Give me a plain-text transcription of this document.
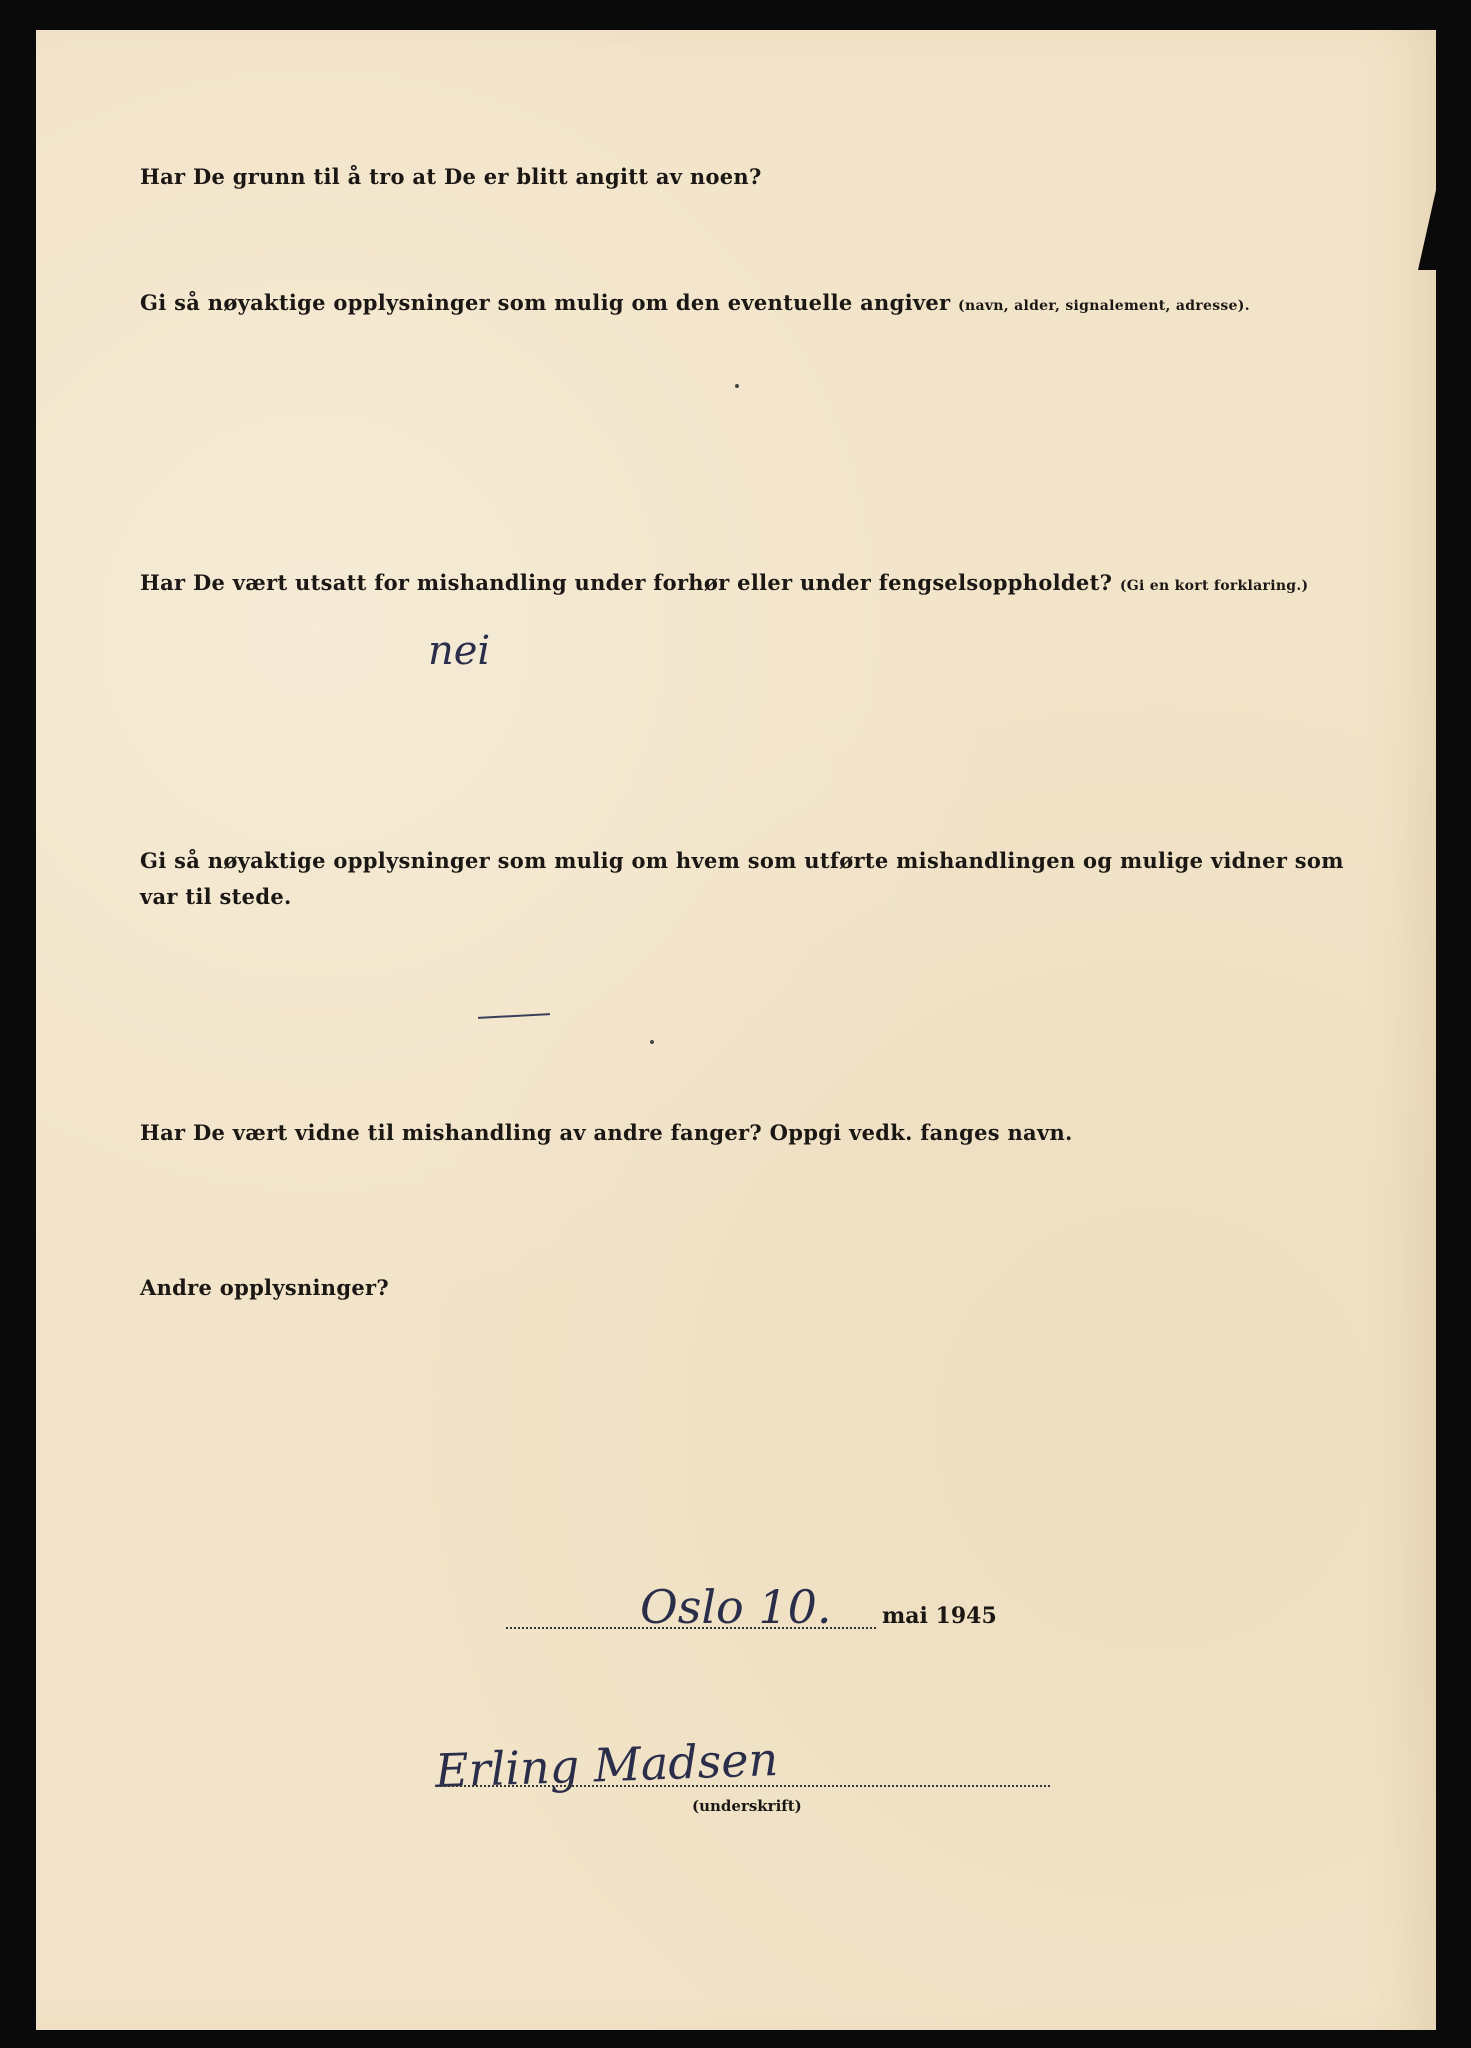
Har De grunn til å tro at De er blitt angitt av noen?
Gi så nøyaktige opplysninger som mulig om den eventuelle angiver (navn, alder, signalement, adresse).
Har De vært utsatt for mishandling under forhør eller under fengselsoppholdet? (Gi en kort forklaring.)
nei
Gi så nøyaktige opplysninger som mulig om hvem som utførte mishandlingen og mulige vidner som var til stede.
Har De vært vidne til mishandling av andre fanger? Oppgi vedk. fanges navn.
Andre opplysninger?
Oslo 10. mai 1945
Erling Madsen
(underskrift)
